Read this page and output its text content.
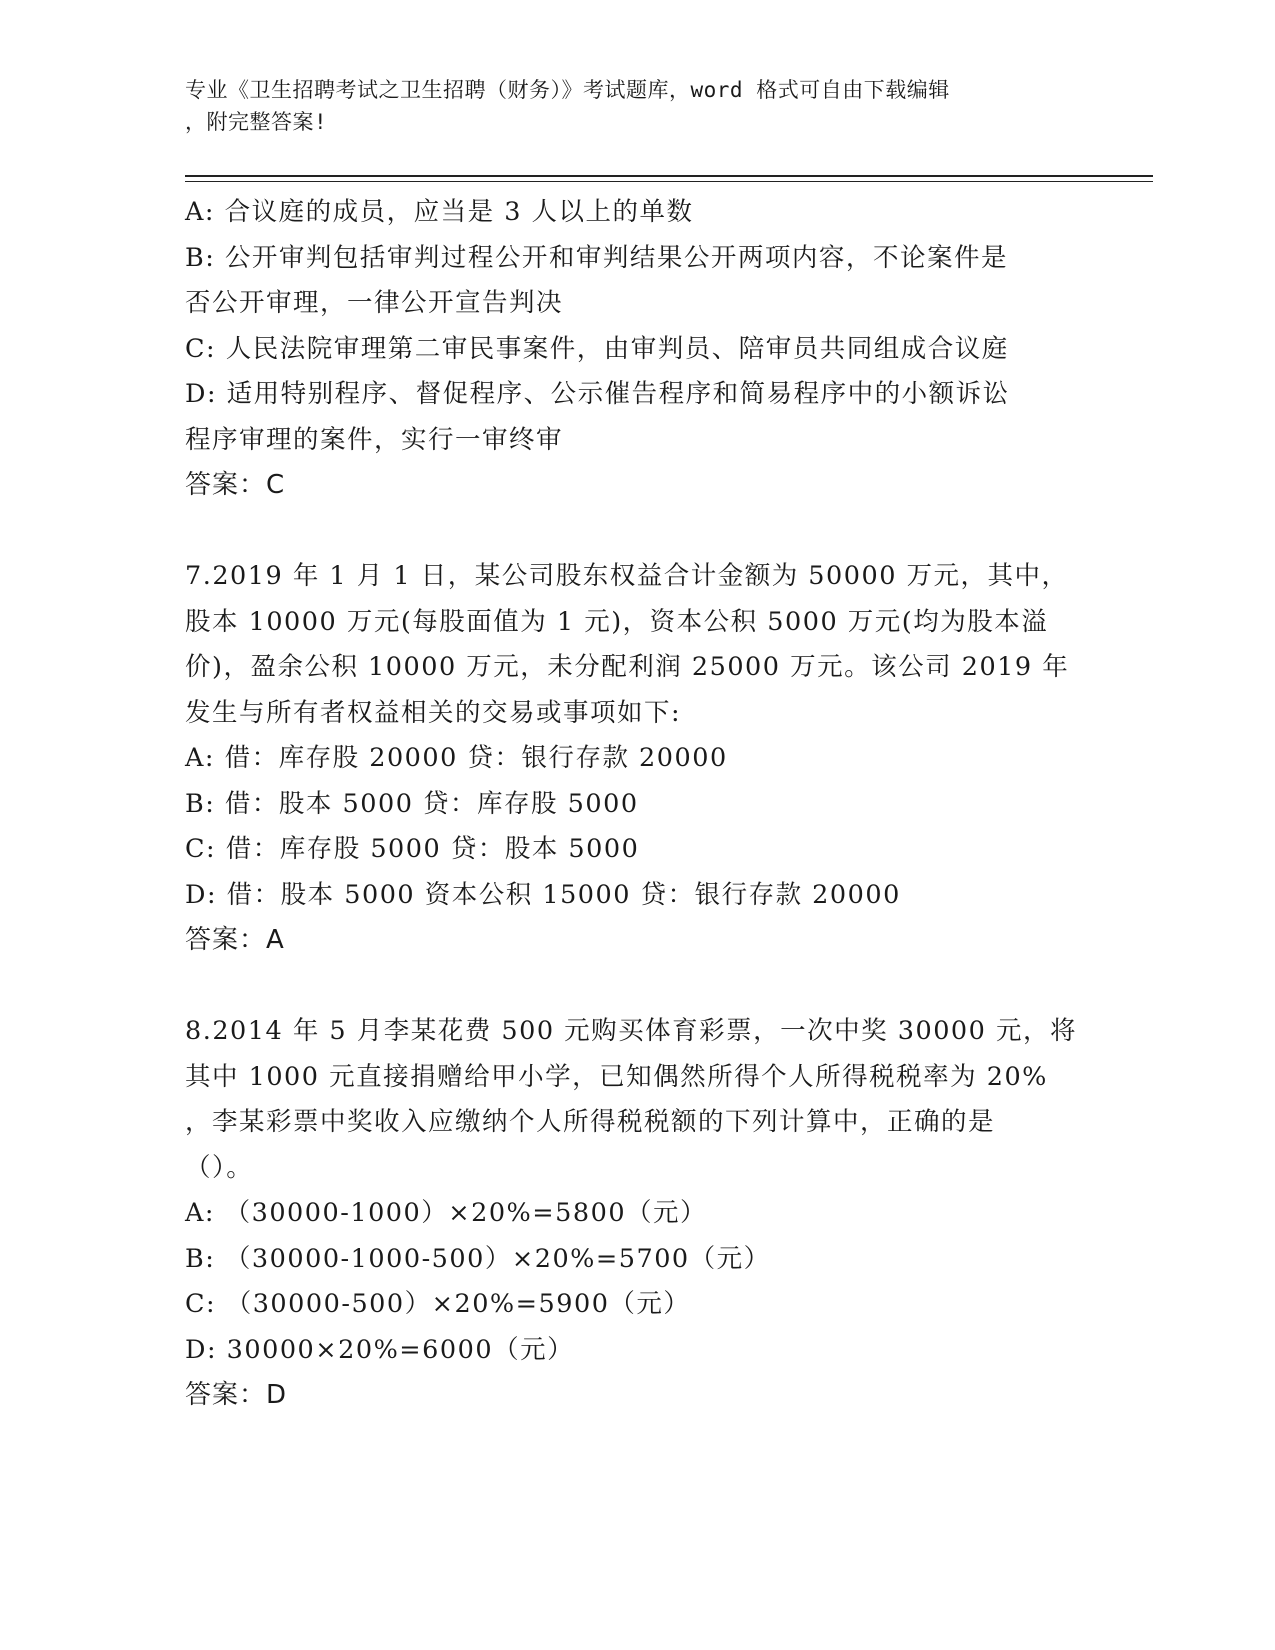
专业《卫生招聘考试之卫生招聘（财务）》考试题库，word 格式可自由下载编辑
，附完整答案!
A: 合议庭的成员，应当是 3 人以上的单数
B: 公开审判包括审判过程公开和审判结果公开两项内容，不论案件是
否公开审理，一律公开宣告判决
C: 人民法院审理第二审民事案件，由审判员、陪审员共同组成合议庭
D: 适用特别程序、督促程序、公示催告程序和简易程序中的小额诉讼
程序审理的案件，实行一审终审
答案：C
7.2019 年 1 月 1 日，某公司股东权益合计金额为 50000 万元，其中，
股本 10000 万元(每股面值为 1 元)，资本公积 5000 万元(均为股本溢
价)，盈余公积 10000 万元，未分配利润 25000 万元。该公司 2019 年
发生与所有者权益相关的交易或事项如下:
A: 借：库存股 20000 贷：银行存款 20000
B: 借：股本 5000 贷：库存股 5000
C: 借：库存股 5000 贷：股本 5000
D: 借：股本 5000 资本公积 15000 贷：银行存款 20000
答案：A
8.2014 年 5 月李某花费 500 元购买体育彩票，一次中奖 30000 元，将
其中 1000 元直接捐赠给甲小学，已知偶然所得个人所得税税率为 20%
，李某彩票中奖收入应缴纳个人所得税税额的下列计算中，正确的是
（）。
A: （30000-1000）×20%=5800（元）
B: （30000-1000-500）×20%=5700（元）
C: （30000-500）×20%=5900（元）
D: 30000×20%=6000（元）
答案：D
